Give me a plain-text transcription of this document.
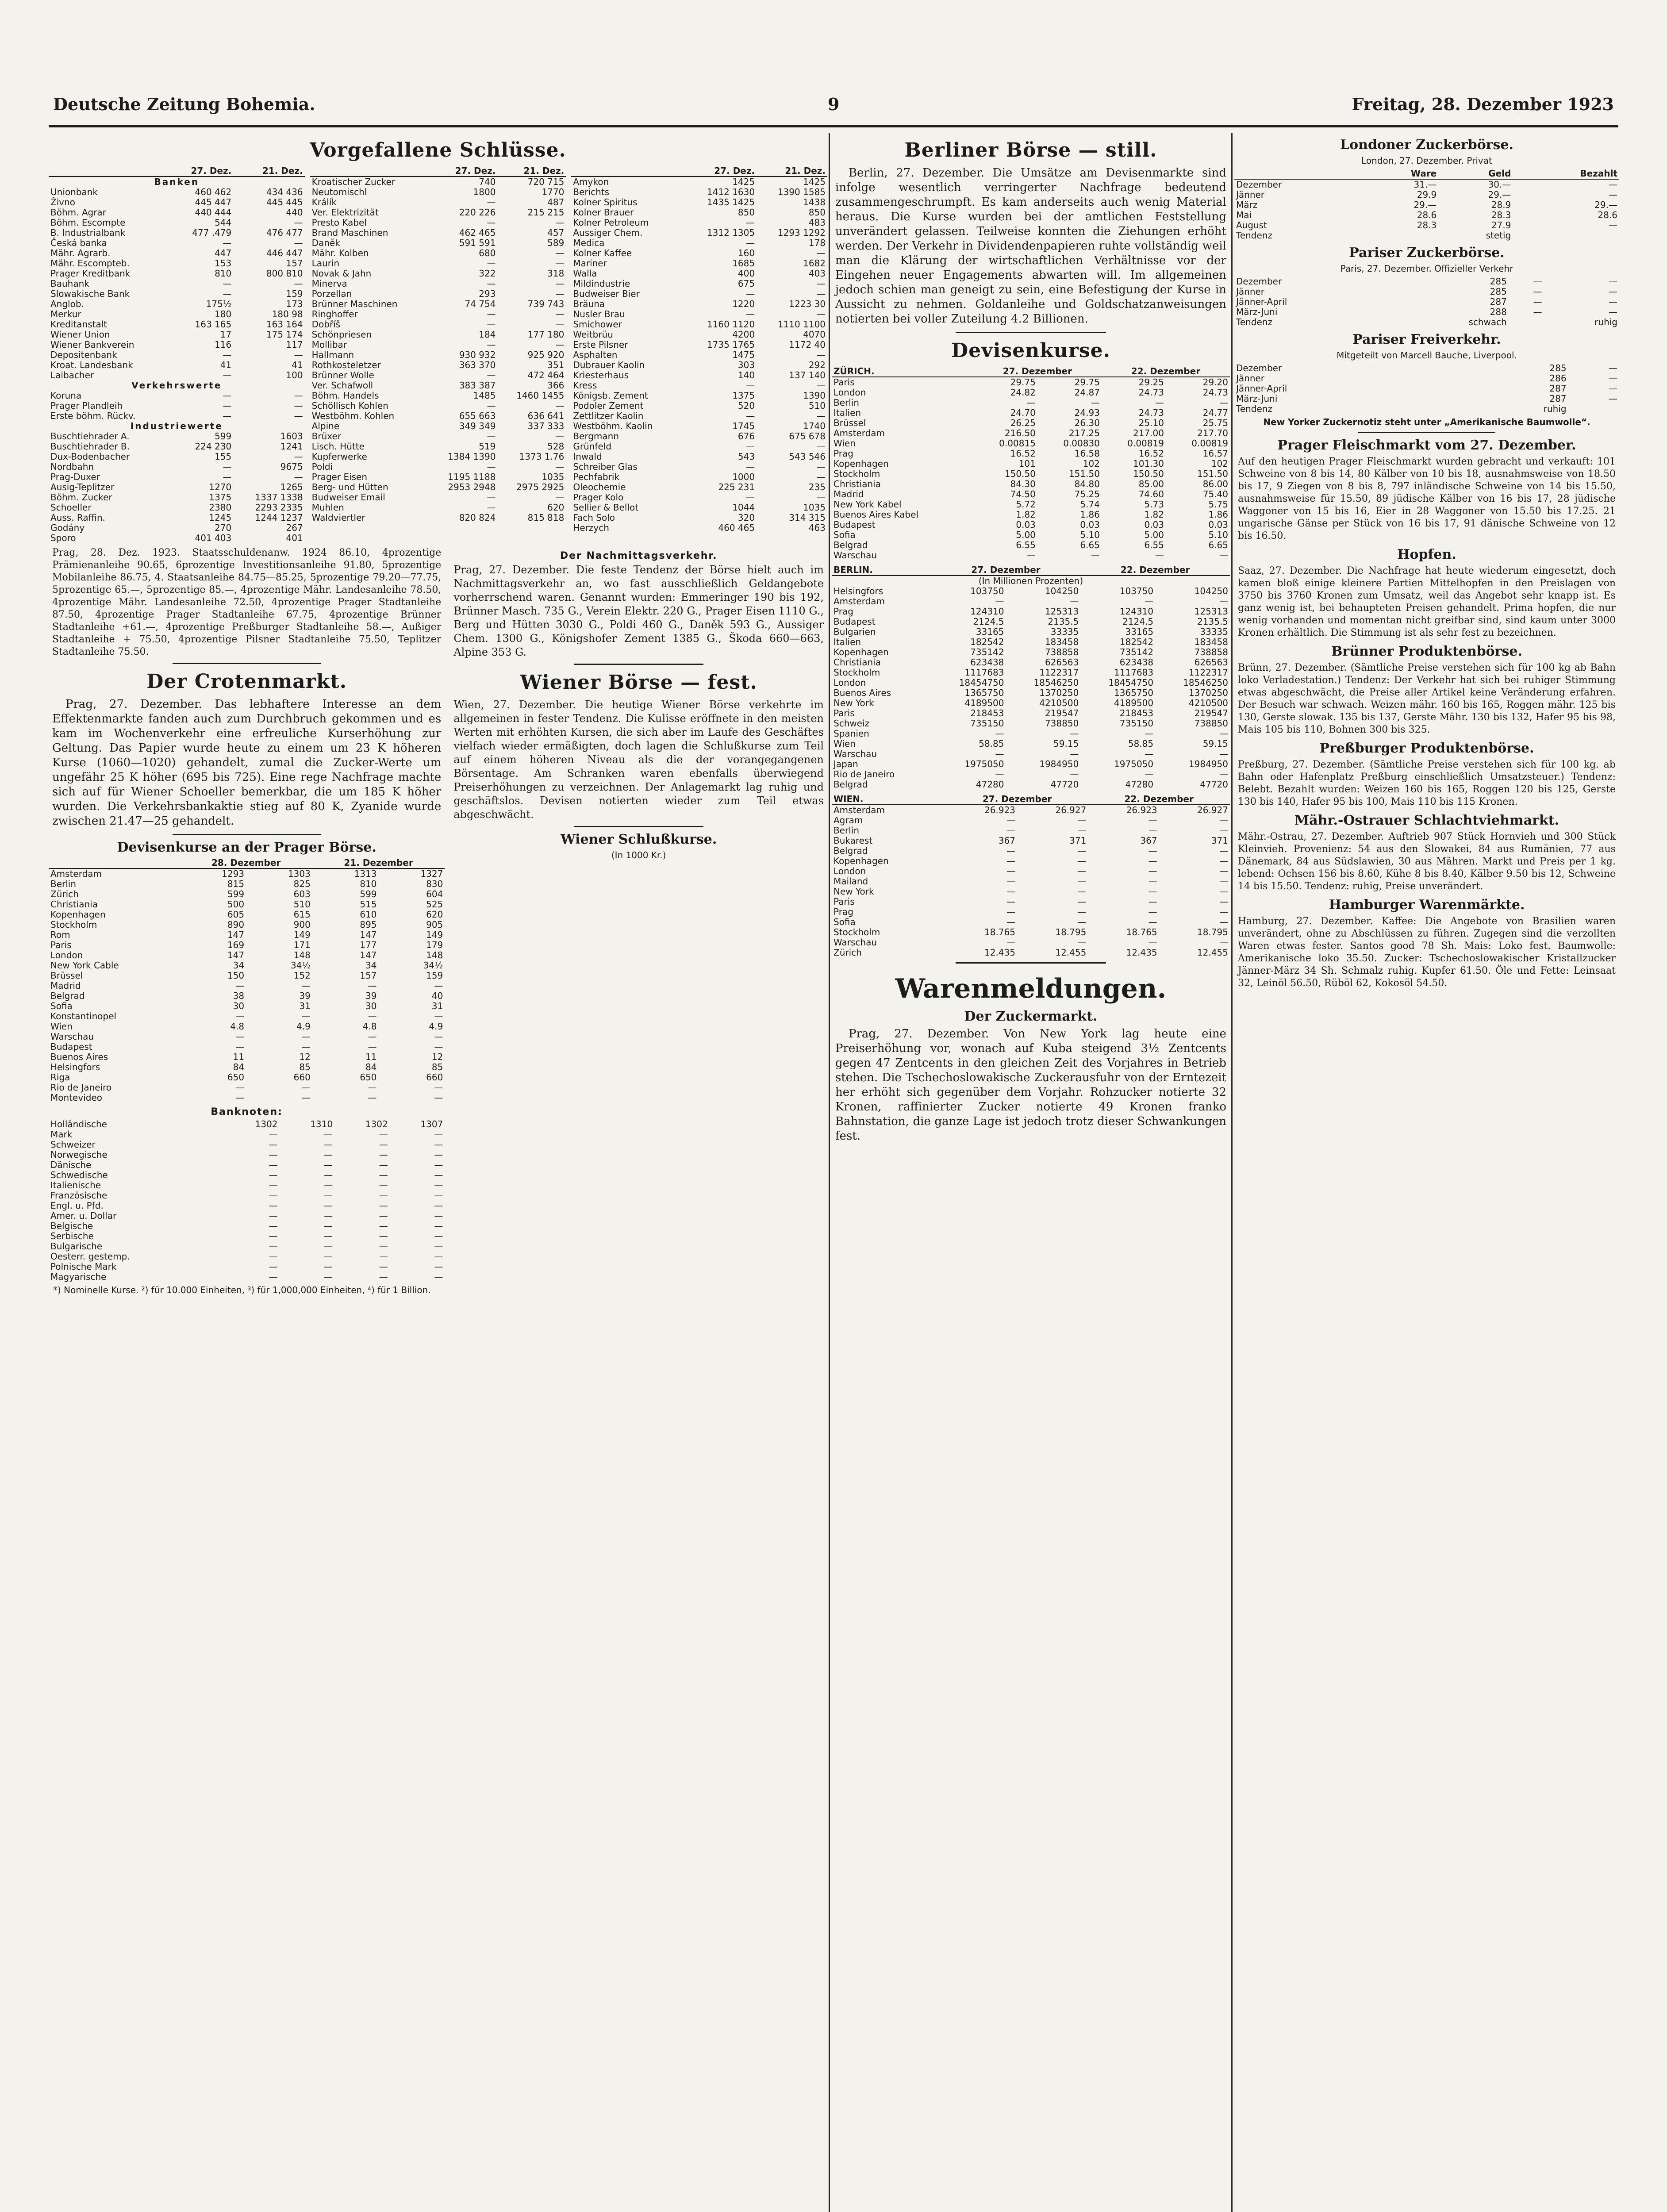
Deutsche Zeitung Bohemia.	9	Freitag, 28. Dezember 1923
Vorgefallene Schlüsse.
	27. Dez.	21. Dez.
Banken		
Unionbank	460 462	434 436
Živno	445 447	445 445
Böhm. Agrar	440 444	440
Böhm. Escompte	544	—
B. Industrialbank	477 .479	476 477
Česká banka	—	—
Mähr. Agrarb.	447	446 447
Mähr. Escompteb.	153	157
Prager Kreditbank	810	800 810
Bauhank	—	—
Slowakische Bank	—	159
Anglob.	175½	173
Merkur	180	180 98
Kreditanstalt	163 165	163 164
Wiener Union	17	175 174
Wiener Bankverein	116	117
Depositenbank	—	—
Kroat. Landesbank	41	41
Laibacher	—	100
Verkehrswerte		
Koruna	—	—
Prager Plandleih	—	—
Erste böhm. Rückv.	—	—
Industriewerte		
Buschtiehrader A.	599	1603
Buschtiehrader B.	224 230	1241
Dux-Bodenbacher	155	—
Nordbahn	—	9675
Prag-Duxer	—	—
Ausig-Teplitzer	1270	1265
Böhm. Zucker	1375	1337 1338
Schoeller	2380	2293 2335
Auss. Raffin.	1245	1244 1237
Godány	270	267
Sporo	401 403	401
	27. Dez.	21. Dez.
Kroatischer Zucker	740	720 715
Neutomischl	1800	1770
Králík	—	487
Ver. Elektrizität	220 226	215 215
Presto Kabel	—	—
Brand Maschinen	462 465	457
Daněk	591 591	589
Mähr. Kolben	680	—
Laurin	—	—
Novak & Jahn	322	318
Minerva	—	—
Porzellan	293	—
Brünner Maschinen	74 754	739 743
Ringhoffer	—	—
Dobříš	—	—
Schönpriesen	184	177 180
Mollibar	—	—
Hallmann	930 932	925 920
Rothkosteletzer	363 370	351
Brünner Wolle	—	472 464
Ver. Schafwoll	383 387	366
Böhm. Handels	1485	1460 1455
Schöllisch Kohlen	—	—
Westböhm. Kohlen	655 663	636 641
Alpine	349 349	337 333
Brüxer	—	—
Lisch. Hütte	519	528
Kupferwerke	1384 1390	1373 1.76
Poldi	—	—
Prager Eisen	1195 1188	1035
Berg- und Hütten	2953 2948	2975 2925
Budweiser Email	—	—
Muhlen	—	620
Waldviertler	820 824	815 818
	27. Dez.	21. Dez.
Amykon	1425	1425
Berichts	1412 1630	1390 1585
Kolner Spiritus	1435 1425	1438
Kolner Brauer	850	850
Kolner Petroleum	—	483
Aussiger Chem.	1312 1305	1293 1292
Medica	—	178
Kolner Kaffee	160	—
Mariner	1685	1682
Walla	400	403
Mildindustrie	675	—
Budweiser Bier	—	—
Bräuna	1220	1223 30
Nusler Brau	—	—
Smichower	1160 1120	1110 1100
Weitbrüu	4200	4070
Erste Pilsner	1735 1765	1172 40
Asphalten	1475	—
Dubrauer Kaolin	303	292
Kriesterhaus	140	137 140
Kress	—	—
Königsb. Zement	1375	1390
Podoler Zement	520	510
Zettlitzer Kaolin	—	—
Westböhm. Kaolin	1745	1740
Bergmann	676	675 678
Grünfeld	—	—
Inwald	543	543 546
Schreiber Glas	—	—
Pechfabrik	1000	—
Oleochemie	225 231	235
Prager Kolo	—	—
Sellier & Bellot	1044	1035
Fach Solo	320	314 315
Herzych	460 465	463

Prag, 28. Dez. 1923. Staatsschuldenanw. 1924 86.10, 4prozentige Prämienanleihe 90.65, 6prozentige Investitionsanleihe 91.80, 5prozentige Mobilanleihe 86.75, 4. Staatsanleihe 84.75—85.25, 5prozentige 79.20—77.75, 5prozentige 65.—, 5prozentige 85.—, 4prozentige Mähr. Landesanleihe 78.50, 4prozentige Mähr. Landesanleihe 72.50, 4prozentige Prager Stadtanleihe 87.50, 4prozentige Prager Stadtanleihe 67.75, 4prozentige Brünner Stadtanleihe +61.—, 4prozentige Preßburger Stadtanleihe 58.—, Außiger Stadtanleihe + 75.50, 4prozentige Pilsner Stadtanleihe 75.50, Teplitzer Stadtanleihe 75.50.

Der Crotenmarkt.

Prag, 27. Dezember. Das lebhaftere Interesse an dem Effektenmarkte fanden auch zum Durchbruch gekommen und es kam im Wochenverkehr eine erfreuliche Kurserhöhung zur Geltung. Das Papier wurde heute zu einem um 23 K höheren Kurse (1060—1020) gehandelt, zumal die Zucker-Werte um ungefähr 25 K höher (695 bis 725). Eine rege Nachfrage machte sich auf für Wiener Schoeller bemerkbar, die um 185 K höher wurden. Die Verkehrsbankaktie stieg auf 80 K, Zyanide wurde zwischen 21.47—25 gehandelt.

Devisenkurse an der Prager Börse.
	28. Dezember		21. Dezember	
Amsterdam	1293	1303	1313	1327
Berlin	815	825	810	830
Zürich	599	603	599	604
Christiania	500	510	515	525
Kopenhagen	605	615	610	620
Stockholm	890	900	895	905
Rom	147	149	147	149
Paris	169	171	177	179
London	147	148	147	148
New York Cable	34	34½	34	34½
Brüssel	150	152	157	159
Madrid	—	—	—	—
Belgrad	38	39	39	40
Sofia	30	31	30	31
Konstantinopel	—	—	—	—
Wien	4.8	4.9	4.8	4.9
Warschau	—	—	—	—
Budapest	—	—	—	—
Buenos Aires	11	12	11	12
Helsingfors	84	85	84	85
Riga	650	660	650	660
Rio de Janeiro	—	—	—	—
Montevideo	—	—	—	—
Banknoten:
Holländische	1302	1310	1302	1307
Mark	—	—	—	—
Schweizer	—	—	—	—
Norwegische	—	—	—	—
Dänische	—	—	—	—
Schwedische	—	—	—	—
Italienische	—	—	—	—
Französische	—	—	—	—
Engl. u. Pfd.	—	—	—	—
Amer. u. Dollar	—	—	—	—
Belgische	—	—	—	—
Serbische	—	—	—	—
Bulgarische	—	—	—	—
Oesterr. gestemp.	—	—	—	—
Polnische Mark	—	—	—	—
Magyarische	—	—	—	—
*) Nominelle Kurse. ²) für 10.000 Einheiten, ³) für 1,000,000 Einheiten, ⁴) für 1 Billion.
Der Nachmittagsverkehr.

Prag, 27. Dezember. Die feste Tendenz der Börse hielt auch im Nachmittagsverkehr an, wo fast ausschließlich Geldangebote vorherrschend waren. Genannt wurden: Emmeringer 190 bis 192, Brünner Masch. 735 G., Verein Elektr. 220 G., Prager Eisen 1110 G., Berg und Hütten 3030 G., Poldi 460 G., Daněk 593 G., Aussiger Chem. 1300 G., Königshofer Zement 1385 G., Škoda 660—663, Alpine 353 G.

Wiener Börse — fest.

Wien, 27. Dezember. Die heutige Wiener Börse verkehrte im allgemeinen in fester Tendenz. Die Kulisse eröffnete in den meisten Werten mit erhöhten Kursen, die sich aber im Laufe des Geschäftes vielfach wieder ermäßigten, doch lagen die Schlußkurse zum Teil auf einem höheren Niveau als die der vorangegangenen Börsentage. Am Schranken waren ebenfalls überwiegend Preiserhöhungen zu verzeichnen. Der Anlagemarkt lag ruhig und geschäftslos. Devisen notierten wieder zum Teil etwas abgeschwächt.

Wiener Schlußkurse.
(In 1000 Kr.)
Berliner Börse — still.

Berlin, 27. Dezember. Die Umsätze am Devisenmarkte sind infolge wesentlich verringerter Nachfrage bedeutend zusammengeschrumpft. Es kam anderseits auch wenig Material heraus. Die Kurse wurden bei der amtlichen Feststellung unverändert gelassen. Teilweise konnten die Ziehungen erhöht werden. Der Verkehr in Dividendenpapieren ruhte vollständig weil man die Klärung der wirtschaftlichen Verhältnisse vor der Eingehen neuer Engagements abwarten will. Im allgemeinen jedoch schien man geneigt zu sein, eine Befestigung der Kurse in Aussicht zu nehmen. Goldanleihe und Goldschatzanweisungen notierten bei voller Zuteilung 4.2 Billionen.

Devisenkurse.
ZÜRICH.	27. Dezember		22. Dezember	
Paris	29.75	29.75	29.25	29.20
London	24.82	24.87	24.73	24.73
Berlin	—	—	—	—
Italien	24.70	24.93	24.73	24.77
Brüssel	26.25	26.30	25.10	25.75
Amsterdam	216.50	217.25	217.00	217.70
Wien	0.00815	0.00830	0.00819	0.00819
Prag	16.52	16.58	16.52	16.57
Kopenhagen	101	102	101.30	102
Stockholm	150.50	151.50	150.50	151.50
Christiania	84.30	84.80	85.00	86.00
Madrid	74.50	75.25	74.60	75.40
New York Kabel	5.72	5.74	5.73	5.75
Buenos Aires Kabel	1.82	1.86	1.82	1.86
Budapest	0.03	0.03	0.03	0.03
Sofia	5.00	5.10	5.00	5.10
Belgrad	6.55	6.65	6.55	6.65
Warschau	—	—	—	—
BERLIN.	27. Dezember		22. Dezember	
(In Millionen Prozenten)				
Helsingfors	103750	104250	103750	104250
Amsterdam	—	—	—	—
Prag	124310	125313	124310	125313
Budapest	2124.5	2135.5	2124.5	2135.5
Bulgarien	33165	33335	33165	33335
Italien	182542	183458	182542	183458
Kopenhagen	735142	738858	735142	738858
Christiania	623438	626563	623438	626563
Stockholm	1117683	1122317	1117683	1122317
London	18454750	18546250	18454750	18546250
Buenos Aires	1365750	1370250	1365750	1370250
New York	4189500	4210500	4189500	4210500
Paris	218453	219547	218453	219547
Schweiz	735150	738850	735150	738850
Spanien	—	—	—	—
Wien	58.85	59.15	58.85	59.15
Warschau	—	—	—	—
Japan	1975050	1984950	1975050	1984950
Rio de Janeiro	—	—	—	—
Belgrad	47280	47720	47280	47720
WIEN.	27. Dezember		22. Dezember	
Amsterdam	26.923	26.927	26.923	26.927
Agram	—	—	—	—
Berlin	—	—	—	—
Bukarest	367	371	367	371
Belgrad	—	—	—	—
Kopenhagen	—	—	—	—
London	—	—	—	—
Mailand	—	—	—	—
New York	—	—	—	—
Paris	—	—	—	—
Prag	—	—	—	—
Sofia	—	—	—	—
Stockholm	18.765	18.795	18.765	18.795
Warschau	—	—	—	—
Zürich	12.435	12.455	12.435	12.455
Warenmeldungen.
Der Zuckermarkt.

Prag, 27. Dezember. Von New York lag heute eine Preiserhöhung vor, wonach auf Kuba steigend 3½ Zentcents gegen 47 Zentcents in den gleichen Zeit des Vorjahres in Betrieb stehen. Die Tschechoslowakische Zuckerausfuhr von der Erntezeit her erhöht sich gegenüber dem Vorjahr. Rohzucker notierte 32 Kronen, raffinierter Zucker notierte 49 Kronen franko Bahnstation, die ganze Lage ist jedoch trotz dieser Schwankungen fest.

Londoner Zuckerbörse.
London, 27. Dezember. Privat
	Ware	Geld	Bezahlt
Dezember	31.—	30.—	—
Jänner	29.9	29.—	—
März	29.—	28.9	29.—
Mai	28.6	28.3	28.6
August	28.3	27.9	—
Tendenz		stetig	
Pariser Zuckerbörse.
Paris, 27. Dezember. Offizieller Verkehr
Dezember	285	—	—
Jänner	285	—	—
Jänner-April	287	—	—
März-Juni	288	—	—
Tendenz	schwach		ruhig
Pariser Freiverkehr.
Mitgeteilt von Marcell Bauche, Liverpool.
Dezember	285	—
Jänner	286	—
Jänner-April	287	—
März-Juni	287	—
Tendenz	ruhig	
New Yorker Zuckernotiz steht unter „Amerikanische Baumwolle“.
Prager Fleischmarkt vom 27. Dezember.

Auf den heutigen Prager Fleischmarkt wurden gebracht und verkauft: 101 Schweine von 8 bis 14, 80 Kälber von 10 bis 18, ausnahmsweise von 18.50 bis 17, 9 Ziegen von 8 bis 8, 797 inländische Schweine von 14 bis 15.50, ausnahmsweise für 15.50, 89 jüdische Kälber von 16 bis 17, 28 jüdische Waggoner von 15 bis 16, Eier in 28 Waggoner von 15.50 bis 17.25. 21 ungarische Gänse per Stück von 16 bis 17, 91 dänische Schweine von 12 bis 16.50.

Hopfen.

Saaz, 27. Dezember. Die Nachfrage hat heute wiederum eingesetzt, doch kamen bloß einige kleinere Partien Mittelhopfen in den Preislagen von 3750 bis 3760 Kronen zum Umsatz, weil das Angebot sehr knapp ist. Es ganz wenig ist, bei behaupteten Preisen gehandelt. Prima hopfen, die nur wenig vorhanden und momentan nicht greifbar sind, sind kaum unter 3000 Kronen erhältlich. Die Stimmung ist als sehr fest zu bezeichnen.

Brünner Produktenbörse.

Brünn, 27. Dezember. (Sämtliche Preise verstehen sich für 100 kg ab Bahn loko Verladestation.) Tendenz: Der Verkehr hat sich bei ruhiger Stimmung etwas abgeschwächt, die Preise aller Artikel keine Veränderung erfahren. Der Besuch war schwach. Weizen mähr. 160 bis 165, Roggen mähr. 125 bis 130, Gerste slowak. 135 bis 137, Gerste Mähr. 130 bis 132, Hafer 95 bis 98, Mais 105 bis 110, Bohnen 300 bis 325.

Preßburger Produktenbörse.

Preßburg, 27. Dezember. (Sämtliche Preise verstehen sich für 100 kg. ab Bahn oder Hafenplatz Preßburg einschließlich Umsatzsteuer.) Tendenz: Belebt. Bezahlt wurden: Weizen 160 bis 165, Roggen 120 bis 125, Gerste 130 bis 140, Hafer 95 bis 100, Mais 110 bis 115 Kronen.

Mähr.-Ostrauer Schlachtviehmarkt.

Mähr.-Ostrau, 27. Dezember. Auftrieb 907 Stück Hornvieh und 300 Stück Kleinvieh. Provenienz: 54 aus den Slowakei, 84 aus Rumänien, 77 aus Dänemark, 84 aus Südslawien, 30 aus Mähren. Markt und Preis per 1 kg. lebend: Ochsen 156 bis 8.60, Kühe 8 bis 8.40, Kälber 9.50 bis 12, Schweine 14 bis 15.50. Tendenz: ruhig, Preise unverändert.

Hamburger Warenmärkte.

Hamburg, 27. Dezember. Kaffee: Die Angebote von Brasilien waren unverändert, ohne zu Abschlüssen zu führen. Zugegen sind die verzollten Waren etwas fester. Santos good 78 Sh. Mais: Loko fest. Baumwolle: Amerikanische loko 35.50. Zucker: Tschechoslowakischer Kristallzucker Jänner-März 34 Sh. Schmalz ruhig. Kupfer 61.50. Öle und Fette: Leinsaat 32, Leinöl 56.50, Rüböl 62, Kokosöl 54.50.
